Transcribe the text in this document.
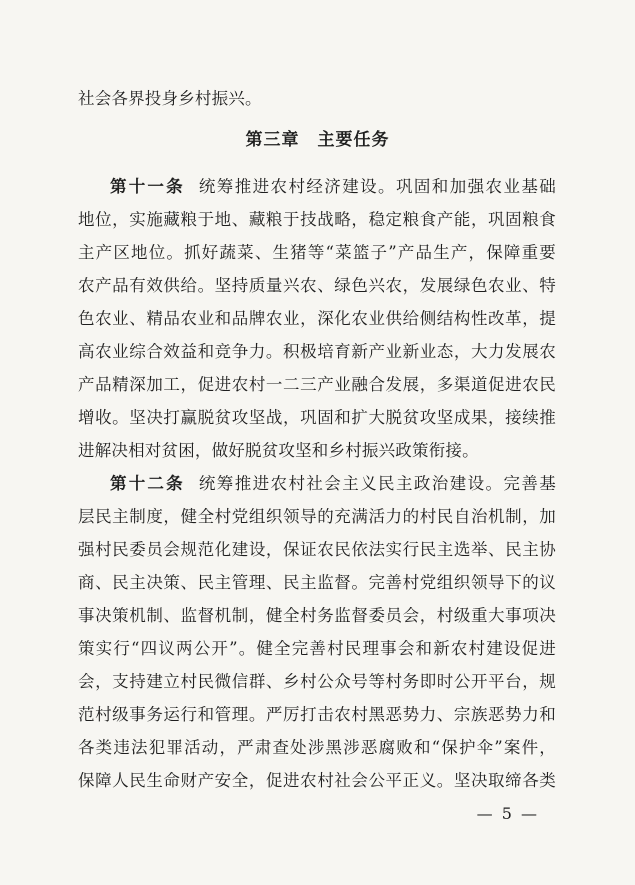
社会各界投身乡村振兴。
第三章 主要任务
第十一条 统筹推进农村经济建设。巩固和加强农业基础
地位，实施藏粮于地、藏粮于技战略，稳定粮食产能，巩固粮食
主产区地位。抓好蔬菜、生猪等“菜篮子”产品生产，保障重要
农产品有效供给。坚持质量兴农、绿色兴农，发展绿色农业、特
色农业、精品农业和品牌农业，深化农业供给侧结构性改革，提
高农业综合效益和竞争力。积极培育新产业新业态，大力发展农
产品精深加工，促进农村一二三产业融合发展，多渠道促进农民
增收。坚决打赢脱贫攻坚战，巩固和扩大脱贫攻坚成果，接续推
进解决相对贫困，做好脱贫攻坚和乡村振兴政策衔接。
第十二条 统筹推进农村社会主义民主政治建设。完善基
层民主制度，健全村党组织领导的充满活力的村民自治机制，加
强村民委员会规范化建设，保证农民依法实行民主选举、民主协
商、民主决策、民主管理、民主监督。完善村党组织领导下的议
事决策机制、监督机制，健全村务监督委员会，村级重大事项决
策实行“四议两公开”。健全完善村民理事会和新农村建设促进
会，支持建立村民微信群、乡村公众号等村务即时公开平台，规
范村级事务运行和管理。严厉打击农村黑恶势力、宗族恶势力和
各类违法犯罪活动，严肃查处涉黑涉恶腐败和“保护伞”案件，
保障人民生命财产安全，促进农村社会公平正义。坚决取缔各类
— 5 —
